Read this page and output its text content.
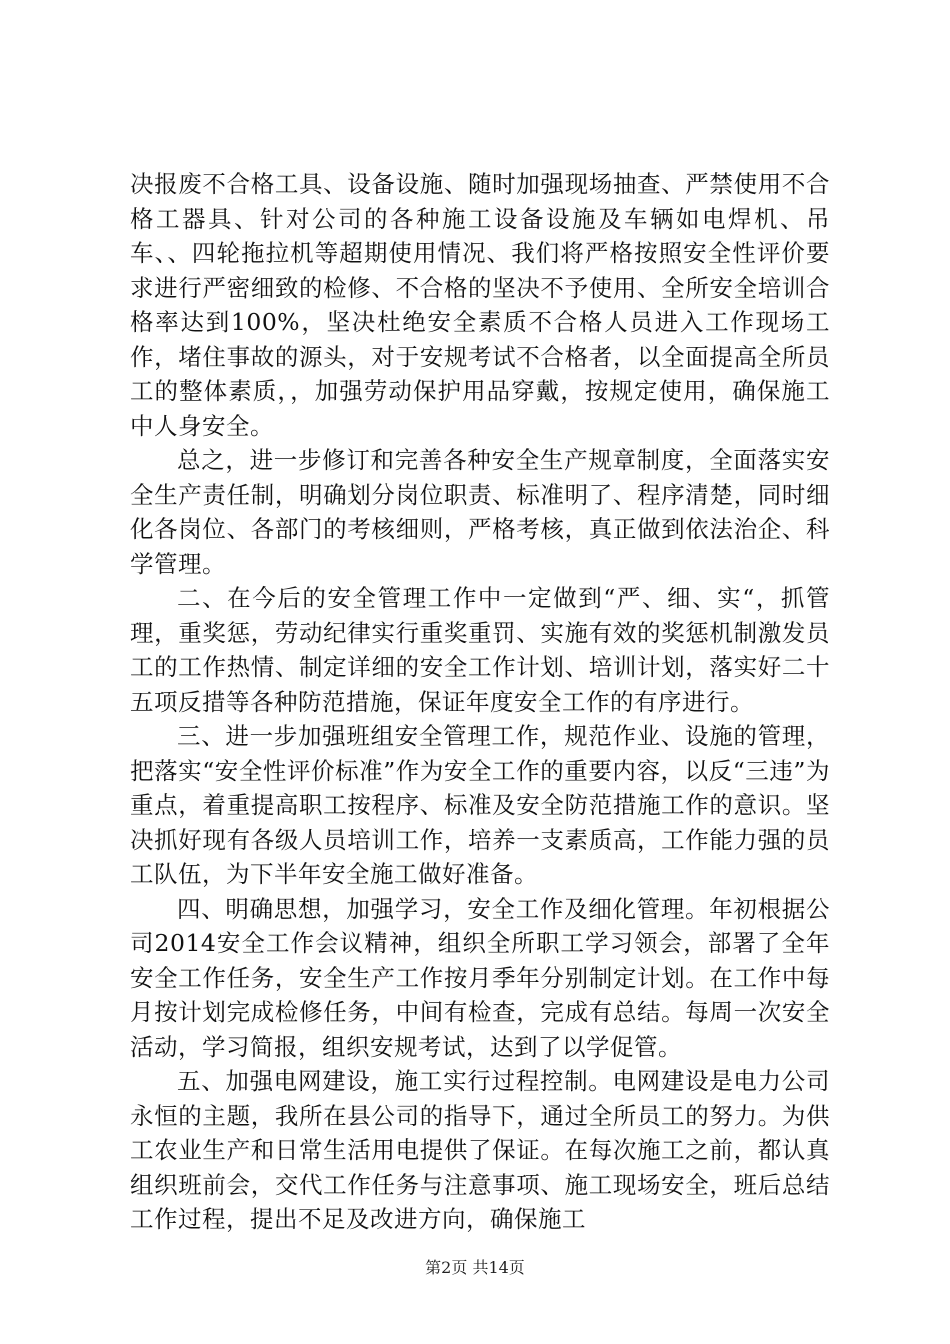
决报废不合格工具、设备设施、随时加强现场抽查、严禁使用不合格工器具、针对公司的各种施工设备设施及车辆如电焊机、吊车、、四轮拖拉机等超期使用情况、我们将严格按照安全性评价要求进行严密细致的检修、不合格的坚决不予使用、全所安全培训合格率达到100%，坚决杜绝安全素质不合格人员进入工作现场工作，堵住事故的源头，对于安规考试不合格者，以全面提高全所员工的整体素质，，加强劳动保护用品穿戴，按规定使用，确保施工中人身安全。

总之，进一步修订和完善各种安全生产规章制度，全面落实安全生产责任制，明确划分岗位职责、标准明了、程序清楚，同时细化各岗位、各部门的考核细则，严格考核，真正做到依法治企、科学管理。

二、在今后的安全管理工作中一定做到“严、细、实“，抓管理，重奖惩，劳动纪律实行重奖重罚、实施有效的奖惩机制激发员工的工作热情、制定详细的安全工作计划、培训计划，落实好二十五项反措等各种防范措施，保证年度安全工作的有序进行。

三、进一步加强班组安全管理工作，规范作业、设施的管理，把落实“安全性评价标准”作为安全工作的重要内容，以反“三违”为重点，着重提高职工按程序、标准及安全防范措施工作的意识。坚决抓好现有各级人员培训工作，培养一支素质高，工作能力强的员工队伍，为下半年安全施工做好准备。

四、明确思想，加强学习，安全工作及细化管理。年初根据公司2014安全工作会议精神，组织全所职工学习领会，部署了全年安全工作任务，安全生产工作按月季年分别制定计划。在工作中每月按计划完成检修任务，中间有检查，完成有总结。每周一次安全活动，学习简报，组织安规考试，达到了以学促管。

五、加强电网建设，施工实行过程控制。电网建设是电力公司永恒的主题，我所在县公司的指导下，通过全所员工的努力。为供工农业生产和日常生活用电提供了保证。在每次施工之前，都认真组织班前会，交代工作任务与注意事项、施工现场安全，班后总结工作过程，提出不足及改进方向，确保施工

第2页 共14页
